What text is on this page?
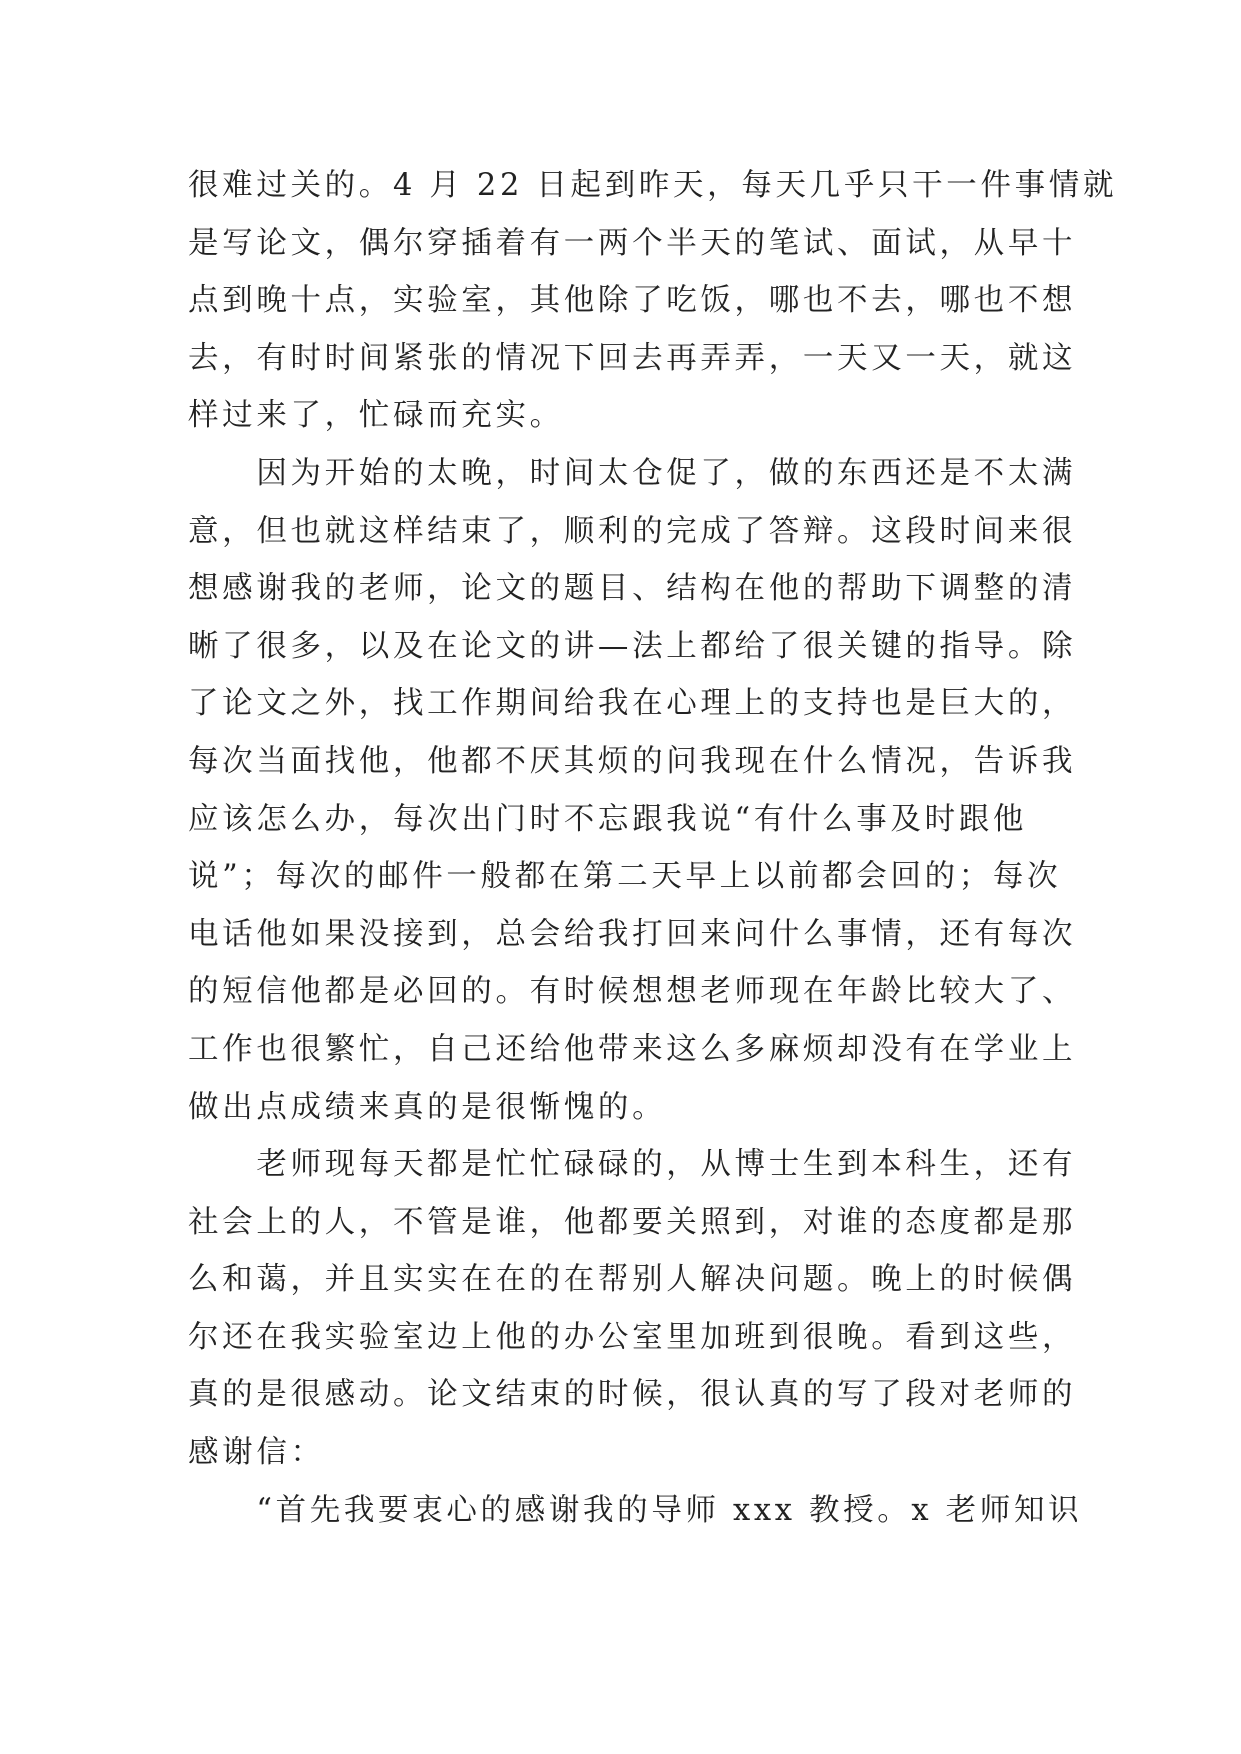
很难过关的。4 月 22 日起到昨天，每天几乎只干一件事情就
是写论文，偶尔穿插着有一两个半天的笔试、面试，从早十
点到晚十点，实验室，其他除了吃饭，哪也不去，哪也不想
去，有时时间紧张的情况下回去再弄弄，一天又一天，就这
样过来了，忙碌而充实。
　　因为开始的太晚，时间太仓促了，做的东西还是不太满
意，但也就这样结束了，顺利的完成了答辩。这段时间来很
想感谢我的老师，论文的题目、结构在他的帮助下调整的清
晰了很多，以及在论文的讲—法上都给了很关键的指导。除
了论文之外，找工作期间给我在心理上的支持也是巨大的，
每次当面找他，他都不厌其烦的问我现在什么情况，告诉我
应该怎么办，每次出门时不忘跟我说“有什么事及时跟他
说”；每次的邮件一般都在第二天早上以前都会回的；每次
电话他如果没接到，总会给我打回来问什么事情，还有每次
的短信他都是必回的。有时候想想老师现在年龄比较大了、
工作也很繁忙，自己还给他带来这么多麻烦却没有在学业上
做出点成绩来真的是很惭愧的。
　　老师现每天都是忙忙碌碌的，从博士生到本科生，还有
社会上的人，不管是谁，他都要关照到，对谁的态度都是那
么和蔼，并且实实在在的在帮别人解决问题。晚上的时候偶
尔还在我实验室边上他的办公室里加班到很晚。看到这些，
真的是很感动。论文结束的时候，很认真的写了段对老师的
感谢信：
　　“首先我要衷心的感谢我的导师 xxx 教授。x 老师知识
